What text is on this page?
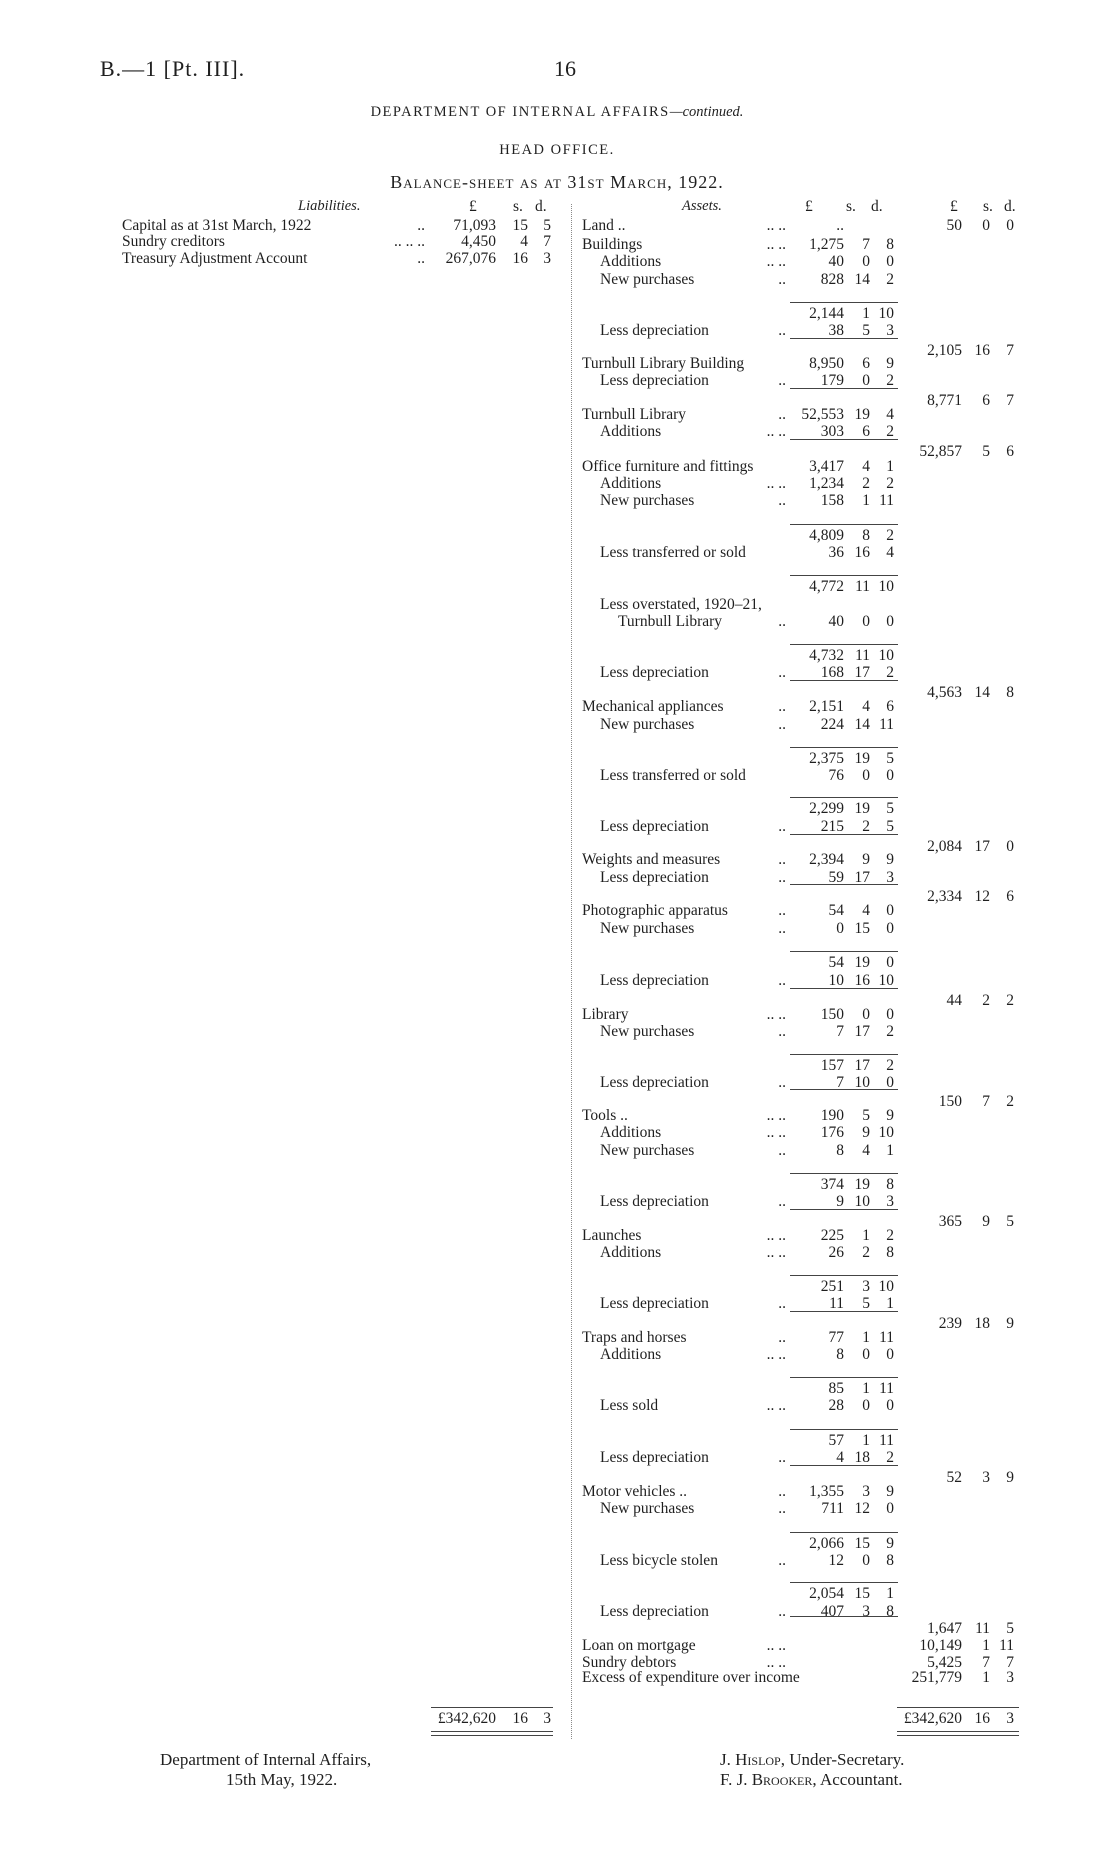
B.—1 [Pt. III].	16
DEPARTMENT OF INTERNAL AFFAIRS—continued.
HEAD OFFICE.
Balance-sheet as at 31st March, 1922.
Liabilities.	£ s. d.	Assets.	£ s. d.	£ s. d.
Capital as at 31st March, 1922	..	71,093	15 5
Sundry creditors	.. .. ..	4,450	4 7
Treasury Adjustment Account	..	267,076	16 3
£342,620	16 3
Land ..	.. ..	..	50	0	0
Buildings	.. ..	1,275	7	8
Additions	.. ..	40	0	0
New purchases	..	828 14	2
2,144	1 10
Less depreciation	..	38	5	3
2,105 16	7
Turnbull Library Building	8,950	6	9
Less depreciation	..	179	0	2
8,771	6	7
Turnbull Library	.. 52,553 19	4
Additions	.. ..	303	6	2
52,857	5	6
Office furniture and fittings	3,417	4	1
Additions	.. ..	1,234	2	2
New purchases	..	158	1 11
4,809	8	2
Less transferred or sold	36 16	4
4,772 11 10
Less overstated, 1920–21,
Turnbull Library	..	40	0	0
4,732 11 10
Less depreciation	..	168 17	2
4,563 14	8
Mechanical appliances	..	2,151	4	6
New purchases	..	224 14 11
2,375 19	5
Less transferred or sold	76	0	0
2,299 19	5
Less depreciation	..	215	2	5
2,084 17	0
Weights and measures	..	2,394	9	9
Less depreciation	..	59 17	3
2,334 12	6
Photographic apparatus	..	54	4	0
New purchases	..	0 15	0
54 19	0
Less depreciation	..	10 16 10
44	2	2
Library	.. ..	150	0	0
New purchases	..	7 17	2
157 17	2
Less depreciation	..	7 10	0
150	7	2
Tools ..	.. ..	190	5	9
Additions	.. ..	176	9 10
New purchases	..	8	4	1
374 19	8
Less depreciation	..	9 10	3
365	9	5
Launches	.. ..	225	1	2
Additions	.. ..	26	2	8
251	3 10
Less depreciation	..	11	5	1
239 18	9
Traps and horses	..	77	1 11
Additions	.. ..	8	0	0
85	1 11
Less sold	.. ..	28	0	0
57	1 11
Less depreciation	..	4 18	2
52	3	9
Motor vehicles ..	..	1,355	3	9
New purchases	..	711 12	0
2,066 15	9
Less bicycle stolen	..	12	0	8
2,054 15	1
Less depreciation	..	407	3	8
1,647 11	5
Loan on mortgage	.. ..	10,149	1 11
Sundry debtors	.. ..	5,425	7	7
Excess of expenditure over income	251,779	1	3
£342,620 16	3
Department of Internal Affairs,
15th May, 1922.
J. Hislop, Under-Secretary.
F. J. Brooker, Accountant.
